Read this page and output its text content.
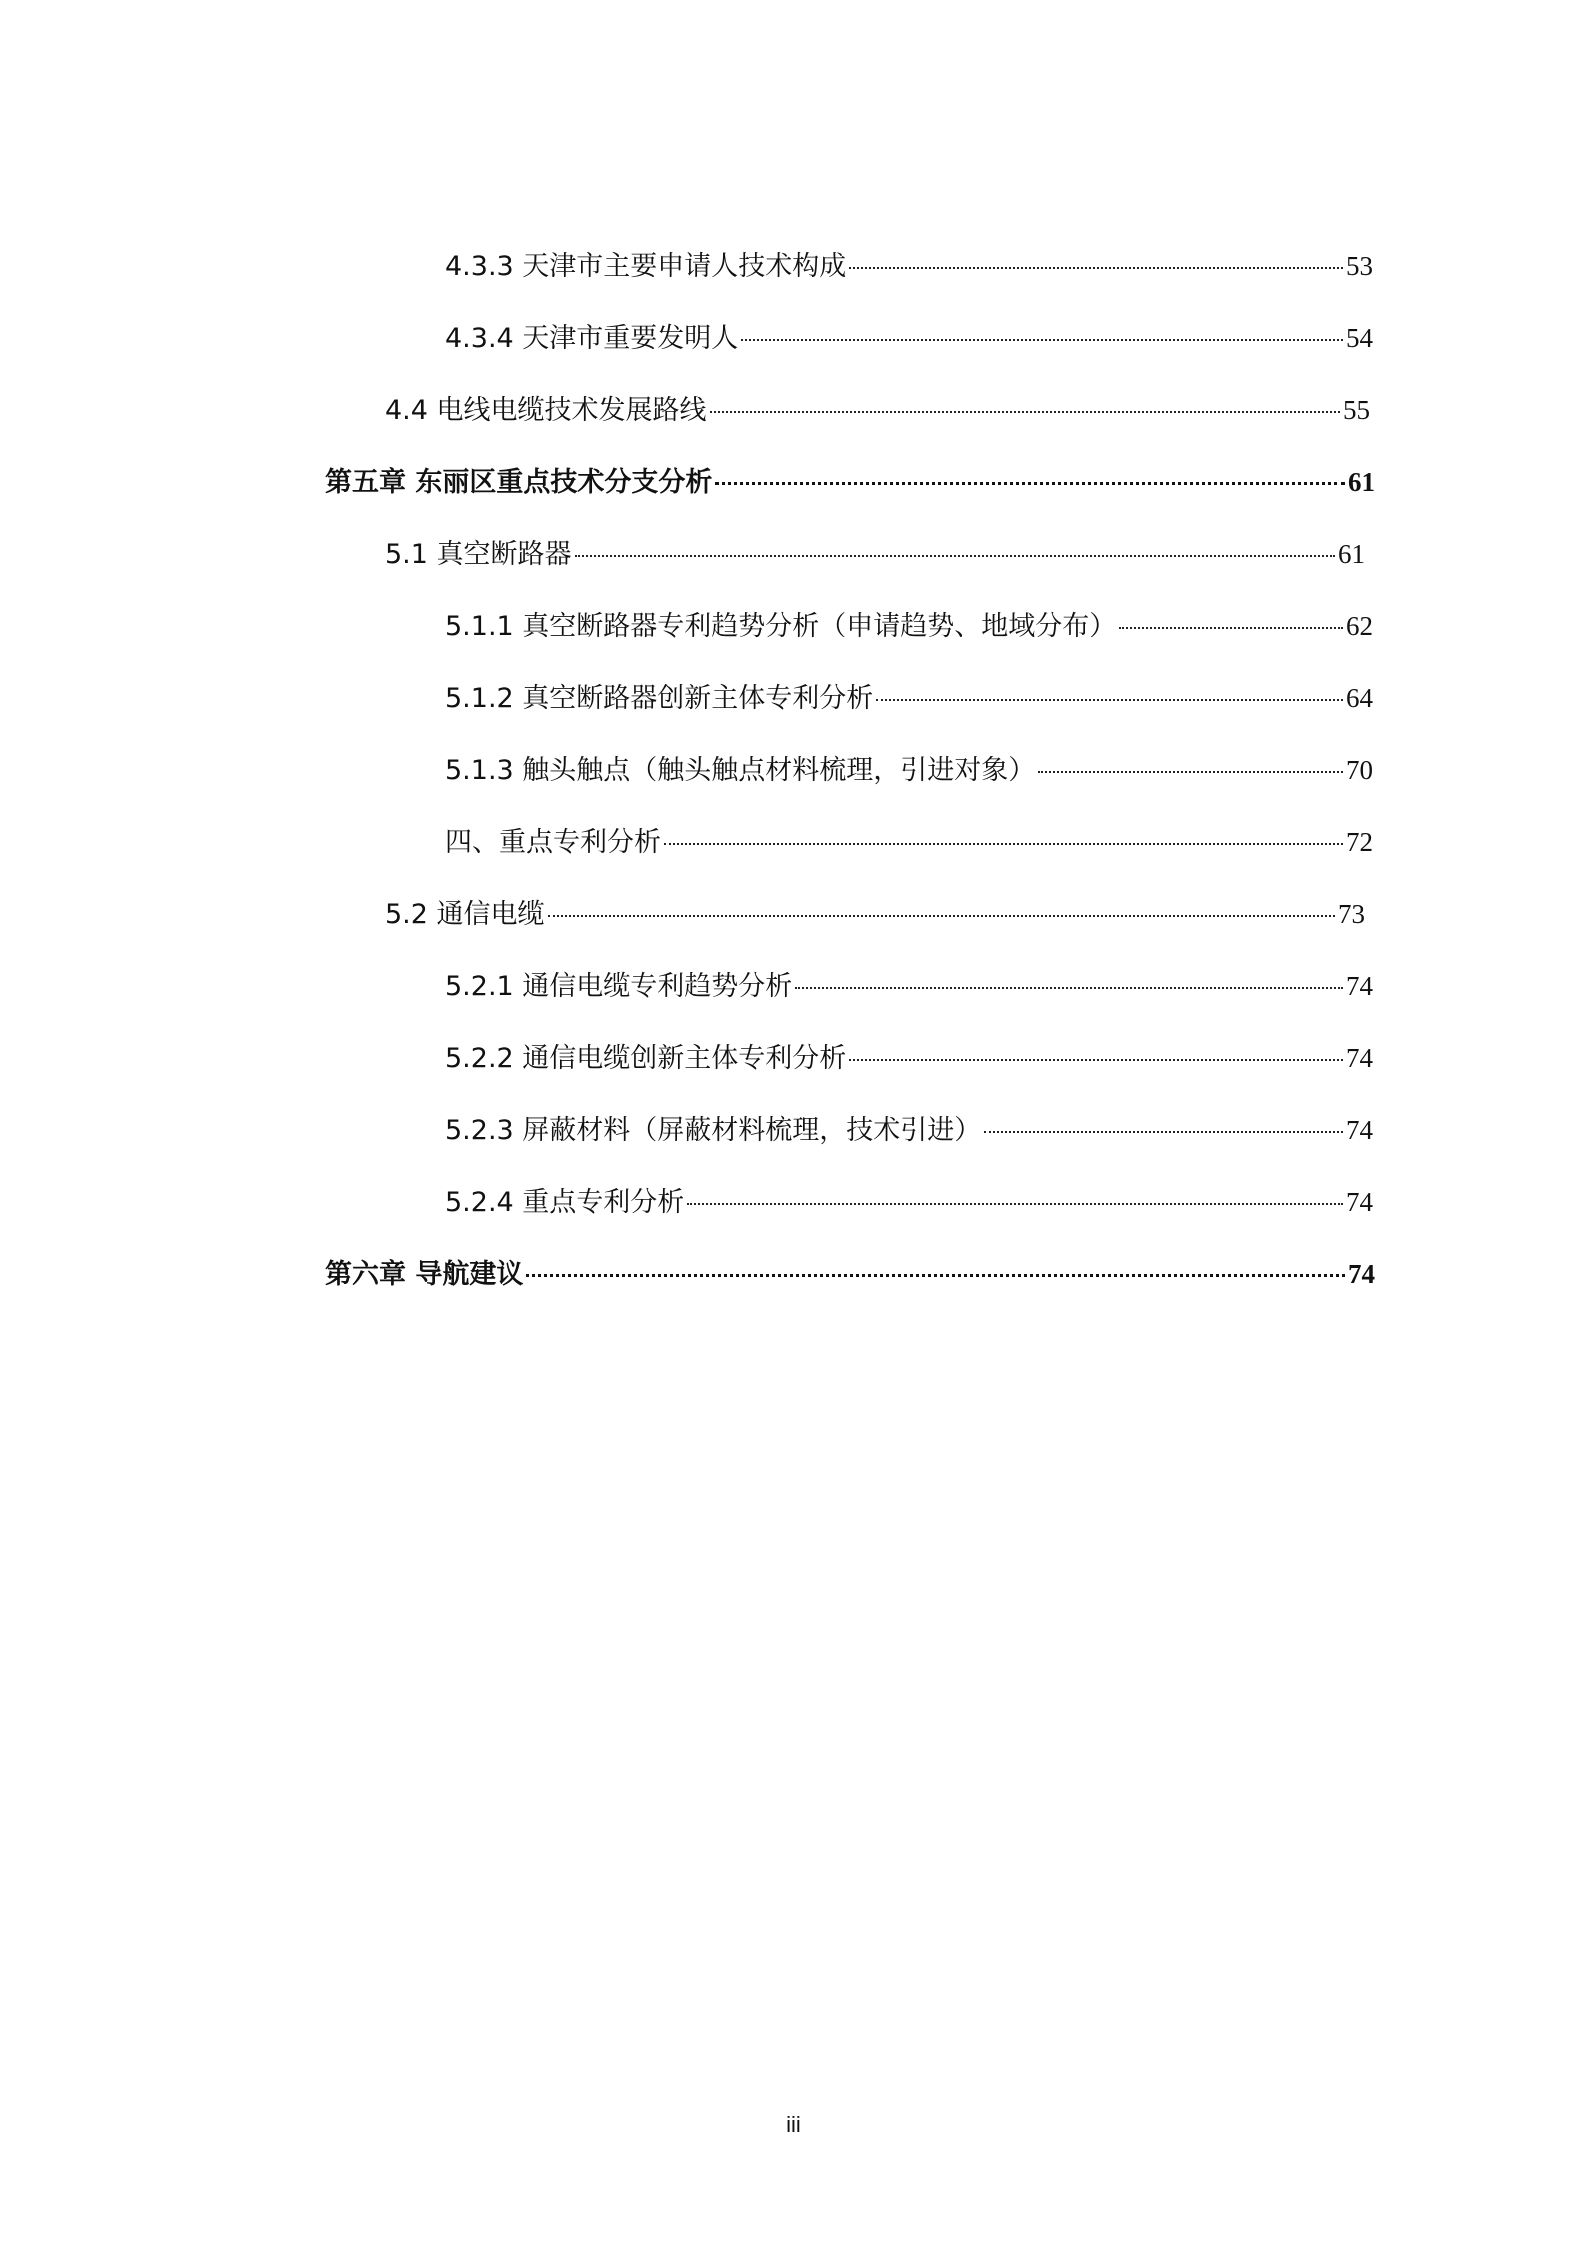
4.3.3 天津市主要申请人技术构成	53
4.3.4 天津市重要发明人	54
4.4 电线电缆技术发展路线	55
第五章 东丽区重点技术分支分析	61
5.1 真空断路器	61
5.1.1 真空断路器专利趋势分析（申请趋势、地域分布）	62
5.1.2 真空断路器创新主体专利分析	64
5.1.3 触头触点（触头触点材料梳理，引进对象）	70
四、重点专利分析	72
5.2 通信电缆	73
5.2.1 通信电缆专利趋势分析	74
5.2.2 通信电缆创新主体专利分析	74
5.2.3 屏蔽材料（屏蔽材料梳理，技术引进）	74
5.2.4 重点专利分析	74
第六章 导航建议	74
iii
